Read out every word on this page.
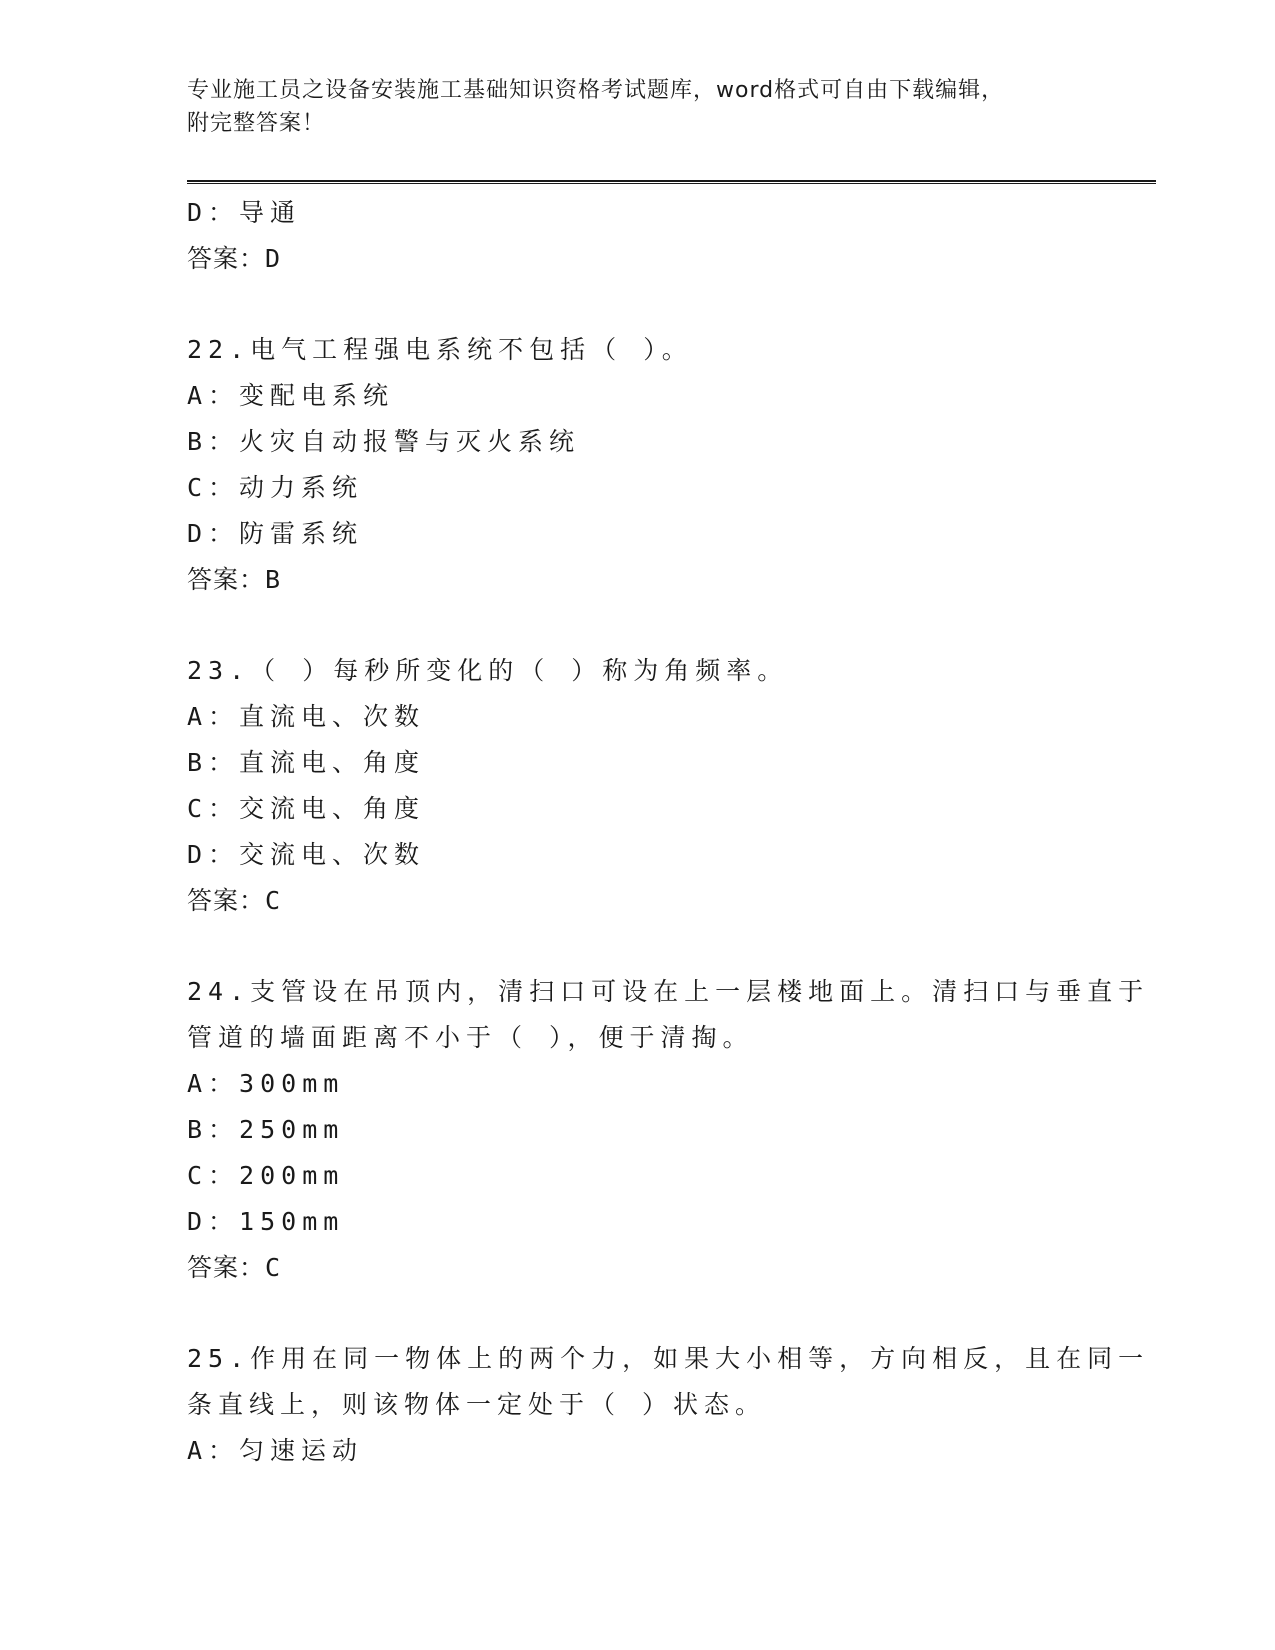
专业施工员之设备安装施工基础知识资格考试题库，word格式可自由下载编辑，
附完整答案！
D：导通
答案：D
22.电气工程强电系统不包括（ ）。
A：变配电系统
B：火灾自动报警与灭火系统
C：动力系统
D：防雷系统
答案：B
23.（ ）每秒所变化的（ ）称为角频率。
A：直流电、次数
B：直流电、角度
C：交流电、角度
D：交流电、次数
答案：C
24.支管设在吊顶内，清扫口可设在上一层楼地面上。清扫口与垂直于
管道的墙面距离不小于（ ），便于清掏。
A：300mm
B：250mm
C：200mm
D：150mm
答案：C
25.作用在同一物体上的两个力，如果大小相等，方向相反，且在同一
条直线上，则该物体一定处于（ ）状态。
A：匀速运动
